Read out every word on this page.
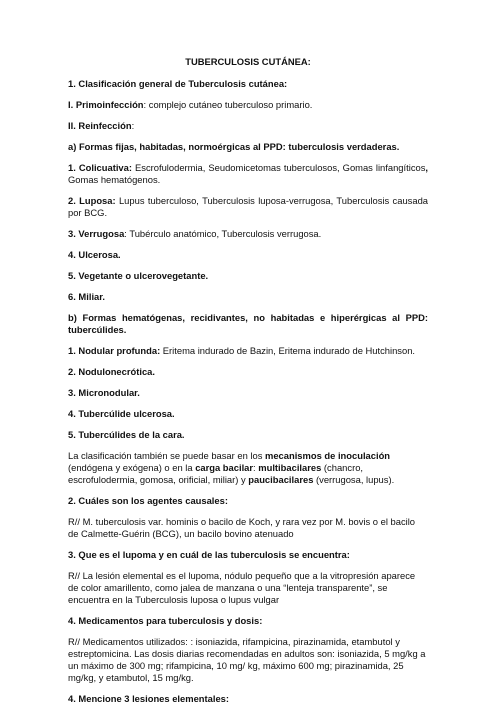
TUBERCULOSIS CUTÁNEA:
1. Clasificación general de Tuberculosis cutánea:
I. Primoinfección: complejo cutáneo tuberculoso primario.
II. Reinfección:
a) Formas fijas, habitadas, normoérgicas al PPD: tuberculosis verdaderas.
1. Colicuativa: Escrofulodermia, Seudomicetomas tuberculosos, Gomas linfangíticos, Gomas hematógenos.
2. Luposa: Lupus tuberculoso, Tuberculosis luposa-verrugosa, Tuberculosis causada por BCG.
3. Verrugosa: Tubérculo anatómico, Tuberculosis verrugosa.
4. Ulcerosa.
5. Vegetante o ulcerovegetante.
6. Miliar.
b) Formas hematógenas, recidivantes, no habitadas e hiperérgicas al PPD: tubercúlides.
1. Nodular profunda: Eritema indurado de Bazin, Eritema indurado de Hutchinson.
2. Nodulonecrótica.
3. Micronodular.
4. Tubercúlide ulcerosa.
5. Tubercúlides de la cara.
La clasificación también se puede basar en los mecanismos de inoculación (endógena y exógena) o en la carga bacilar: multibacilares (chancro, escrofulodermia, gomosa, orificial, miliar) y paucibacilares (verrugosa, lupus).
2. Cuáles son los agentes causales:
R// M. tuberculosis var. hominis o bacilo de Koch, y rara vez por M. bovis o el bacilo de Calmette-Guérin (BCG), un bacilo bovino atenuado
3. Que es el lupoma y en cuál de las tuberculosis se encuentra:
R// La lesión elemental es el lupoma, nódulo pequeño que a la vitropresión aparece de color amarillento, como jalea de manzana o una “lenteja transparente”, se encuentra en la Tuberculosis luposa o lupus vulgar
4. Medicamentos para tuberculosis y dosis:
R// Medicamentos utilizados: : isoniazida, rifampicina, pirazinamida, etambutol y estreptomicina. Las dosis diarias recomendadas en adultos son: isoniazida, 5 mg/kg a un máximo de 300 mg; rifampicina, 10 mg/ kg, máximo 600 mg; pirazinamida, 25 mg/kg, y etambutol, 15 mg/kg.
4. Mencione 3 lesiones elementales:
